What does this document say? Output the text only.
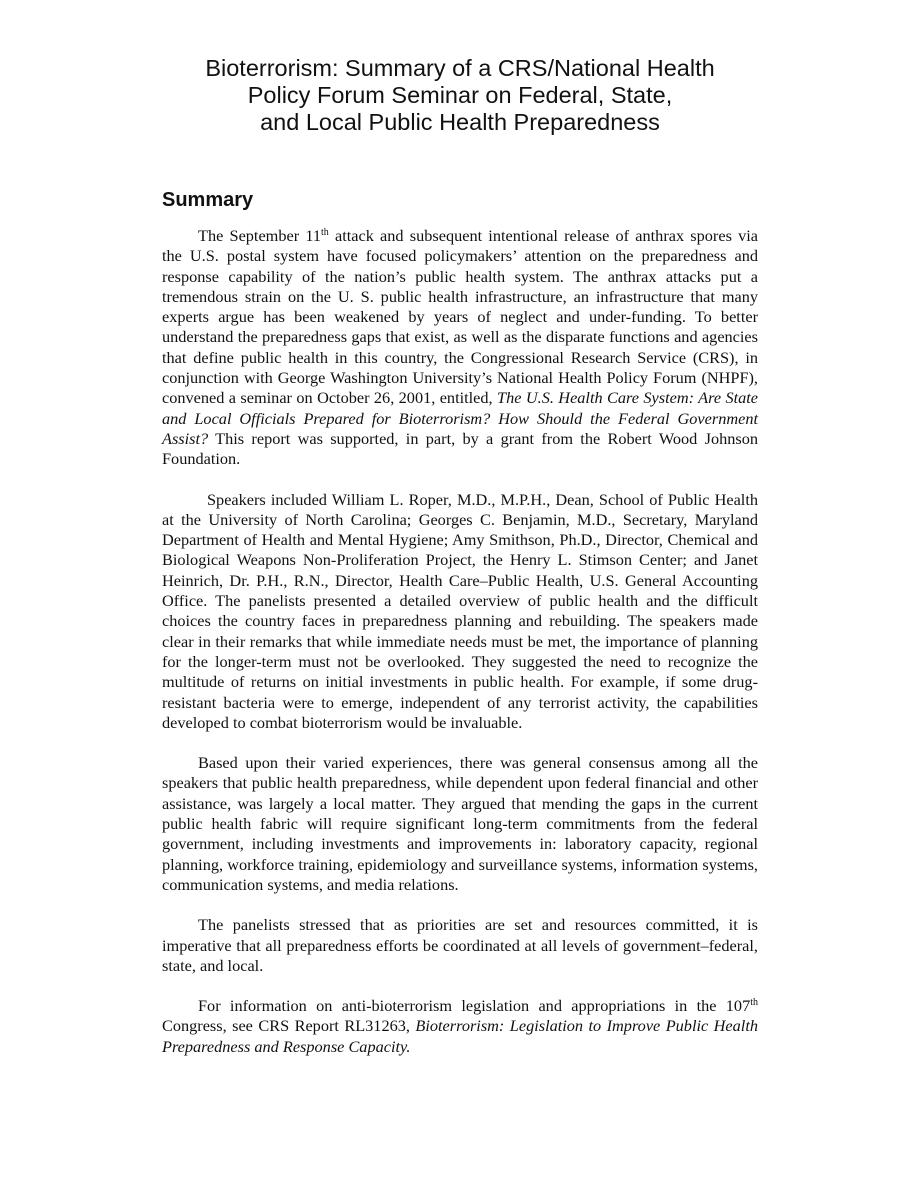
Bioterrorism: Summary of a CRS/National Health
Policy Forum Seminar on Federal, State,
and Local Public Health Preparedness
Summary

The September 11th attack and subsequent intentional release of anthrax spores via the U.S. postal system have focused policymakers’ attention on the preparedness and response capability of the nation’s public health system. The anthrax attacks put a tremendous strain on the U. S. public health infrastructure, an infrastructure that many experts argue has been weakened by years of neglect and under-funding. To better understand the preparedness gaps that exist, as well as the disparate functions and agencies that define public health in this country, the Congressional Research Service (CRS), in conjunction with George Washington University’s National Health Policy Forum (NHPF), convened a seminar on October 26, 2001, entitled, The U.S. Health Care System: Are State and Local Officials Prepared for Bioterrorism? How Should the Federal Government Assist? This report was supported, in part, by a grant from the Robert Wood Johnson Foundation.

Speakers included William L. Roper, M.D., M.P.H., Dean, School of Public Health at the University of North Carolina; Georges C. Benjamin, M.D., Secretary, Maryland Department of Health and Mental Hygiene; Amy Smithson, Ph.D., Director, Chemical and Biological Weapons Non-Proliferation Project, the Henry L. Stimson Center; and Janet Heinrich, Dr. P.H., R.N., Director, Health Care–Public Health, U.S. General Accounting Office. The panelists presented a detailed overview of public health and the difficult choices the country faces in preparedness planning and rebuilding. The speakers made clear in their remarks that while immediate needs must be met, the importance of planning for the longer-term must not be overlooked. They suggested the need to recognize the multitude of returns on initial investments in public health. For example, if some drug-resistant bacteria were to emerge, independent of any terrorist activity, the capabilities developed to combat bioterrorism would be invaluable.

Based upon their varied experiences, there was general consensus among all the speakers that public health preparedness, while dependent upon federal financial and other assistance, was largely a local matter. They argued that mending the gaps in the current public health fabric will require significant long-term commitments from the federal government, including investments and improvements in: laboratory capacity, regional planning, workforce training, epidemiology and surveillance systems, information systems, communication systems, and media relations.

The panelists stressed that as priorities are set and resources committed, it is imperative that all preparedness efforts be coordinated at all levels of government–federal, state, and local.

For information on anti-bioterrorism legislation and appropriations in the 107th Congress, see CRS Report RL31263, Bioterrorism: Legislation to Improve Public Health Preparedness and Response Capacity.
